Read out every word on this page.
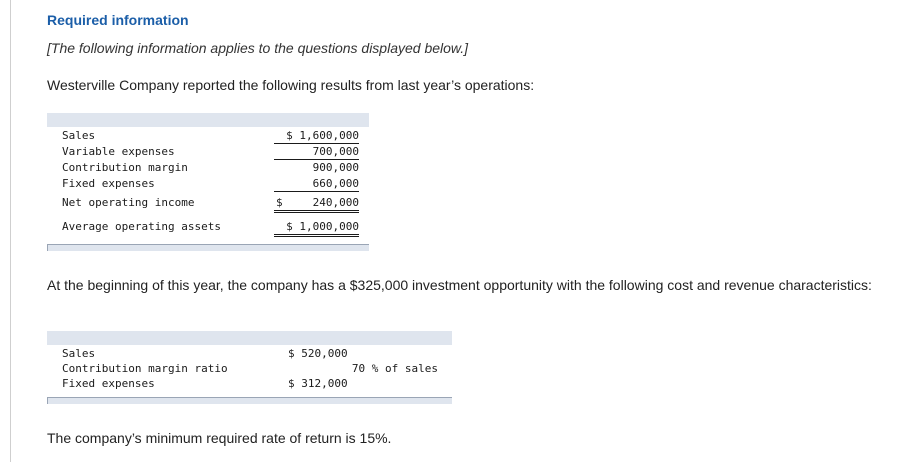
Required information
[The following information applies to the questions displayed below.]
Westerville Company reported the following results from last year’s operations:
Sales	$ 1,600,000
Variable expenses	700,000
Contribution margin	900,000
Fixed expenses	660,000
Net operating income	$	240,000
Average operating assets	$ 1,000,000
At the beginning of this year, the company has a $325,000 investment opportunity with the following cost and revenue characteristics:
Sales	$ 520,000
Contribution margin ratio	70 % of sales
Fixed expenses	$ 312,000
The company’s minimum required rate of return is 15%.
